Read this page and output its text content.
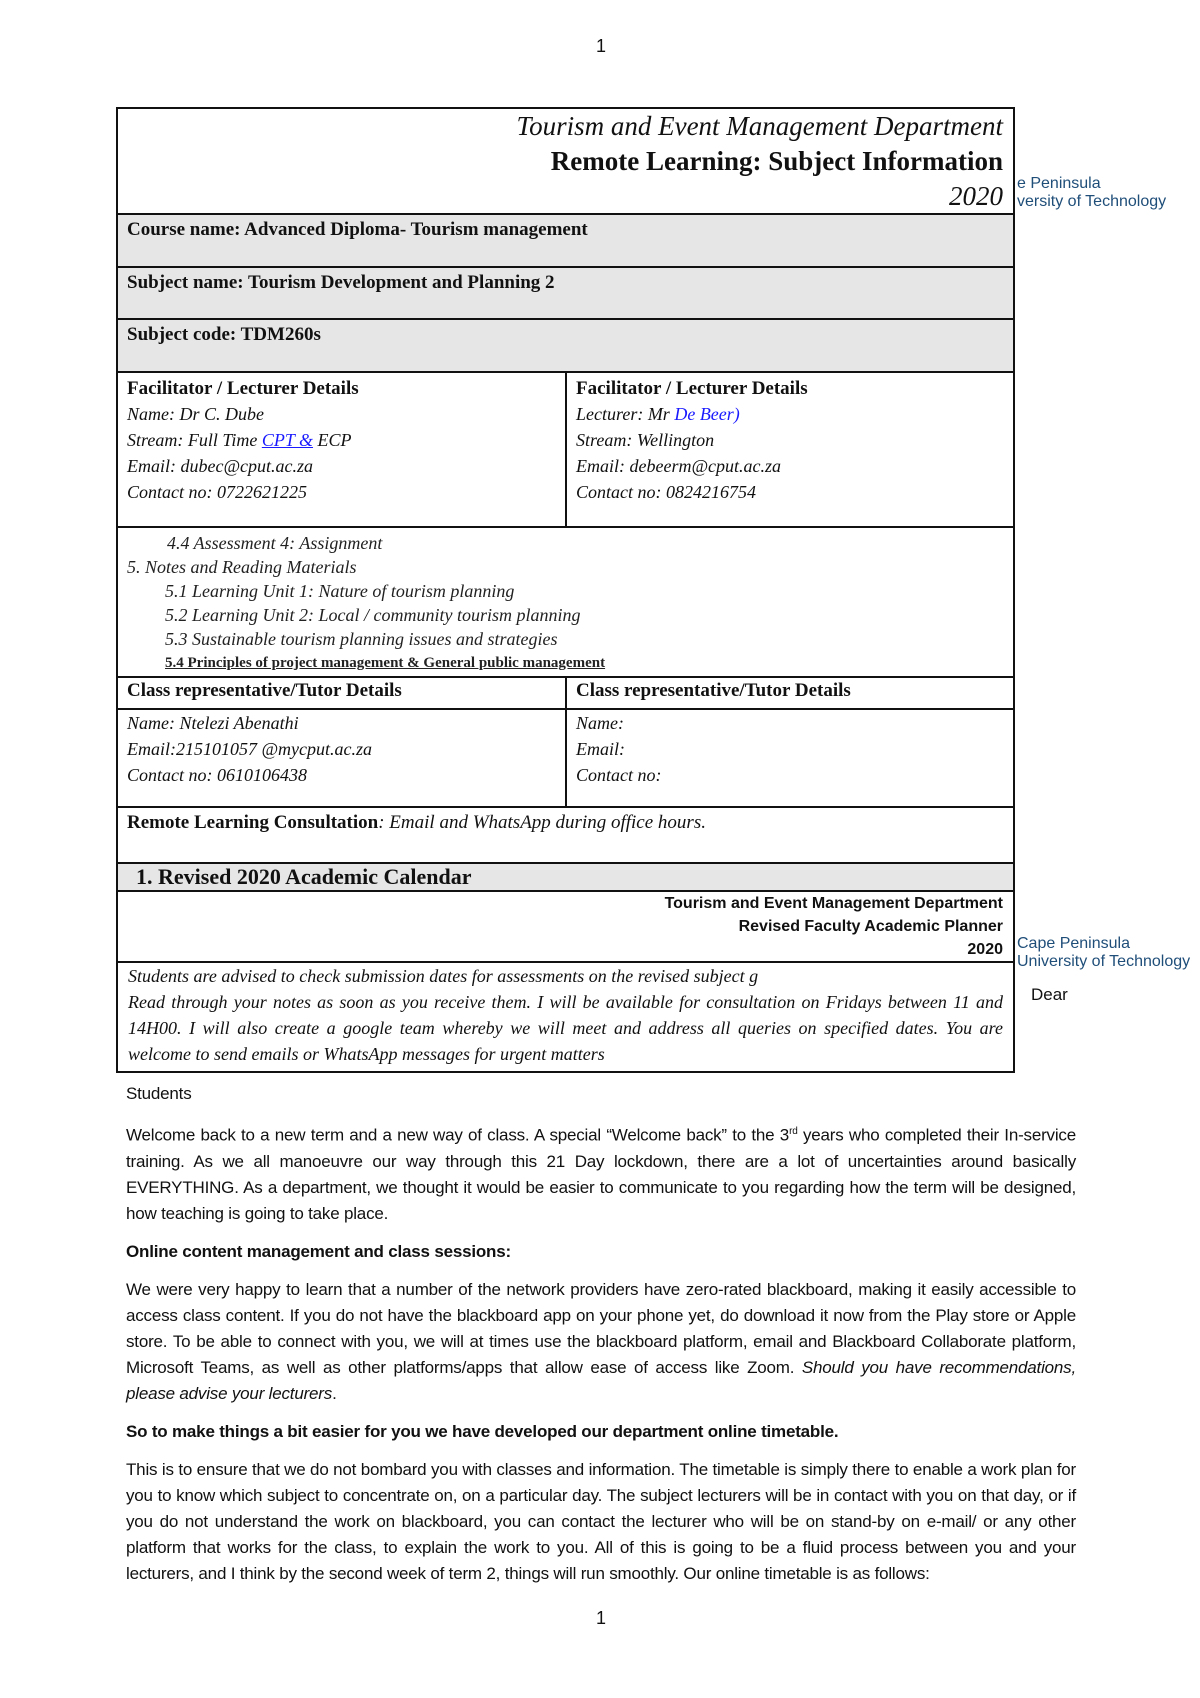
1
Tourism and Event Management Department
Remote Learning: Subject Information
2020 e Peninsula
versity of Technology
Course name: Advanced Diploma- Tourism management
Subject name: Tourism Development and Planning 2
Subject code: TDM260s
Facilitator / Lecturer Details
Name: Dr C. Dube
Stream: Full Time CPT & ECP
Email: dubec@cput.ac.za
Contact no: 0722621225
Facilitator / Lecturer Details
Lecturer: Mr De Beer)
Stream: Wellington
Email: debeerm@cput.ac.za
Contact no: 0824216754
4.4 Assessment 4: Assignment
5. Notes and Reading Materials
5.1 Learning Unit 1: Nature of tourism planning
5.2 Learning Unit 2: Local / community tourism planning
5.3 Sustainable tourism planning issues and strategies
5.4 Principles of project management & General public management
Class representative/Tutor Details	Class representative/Tutor Details
Name: Ntelezi Abenathi
Email:215101057 @mycput.ac.za
Contact no: 0610106438
Name:
Email:
Contact no:
Remote Learning Consultation: Email and WhatsApp during office hours.
1. Revised 2020 Academic Calendar
Tourism and Event Management Department
Revised Faculty Academic Planner
2020 Cape Peninsula
University of Technology
Dear
Students are advised to check submission dates for assessments on the revised subject g
Read through your notes as soon as you receive them. I will be available for consultation on Fridays between 11 and 14H00. I will also create a google team whereby we will meet and address all queries on specified dates. You are welcome to send emails or WhatsApp messages for urgent matters

Students

Welcome back to a new term and a new way of class. A special “Welcome back” to the 3rd years who completed their In-service training. As we all manoeuvre our way through this 21 Day lockdown, there are a lot of uncertainties around basically EVERYTHING. As a department, we thought it would be easier to communicate to you regarding how the term will be designed, how teaching is going to take place.

Online content management and class sessions:

We were very happy to learn that a number of the network providers have zero-rated blackboard, making it easily accessible to access class content. If you do not have the blackboard app on your phone yet, do download it now from the Play store or Apple store. To be able to connect with you, we will at times use the blackboard platform, email and Blackboard Collaborate platform, Microsoft Teams, as well as other platforms/apps that allow ease of access like Zoom. Should you have recommendations, please advise your lecturers.

So to make things a bit easier for you we have developed our department online timetable.

This is to ensure that we do not bombard you with classes and information. The timetable is simply there to enable a work plan for you to know which subject to concentrate on, on a particular day. The subject lecturers will be in contact with you on that day, or if you do not understand the work on blackboard, you can contact the lecturer who will be on stand-by on e-mail/ or any other platform that works for the class, to explain the work to you. All of this is going to be a fluid process between you and your lecturers, and I think by the second week of term 2, things will run smoothly. Our online timetable is as follows:

1
